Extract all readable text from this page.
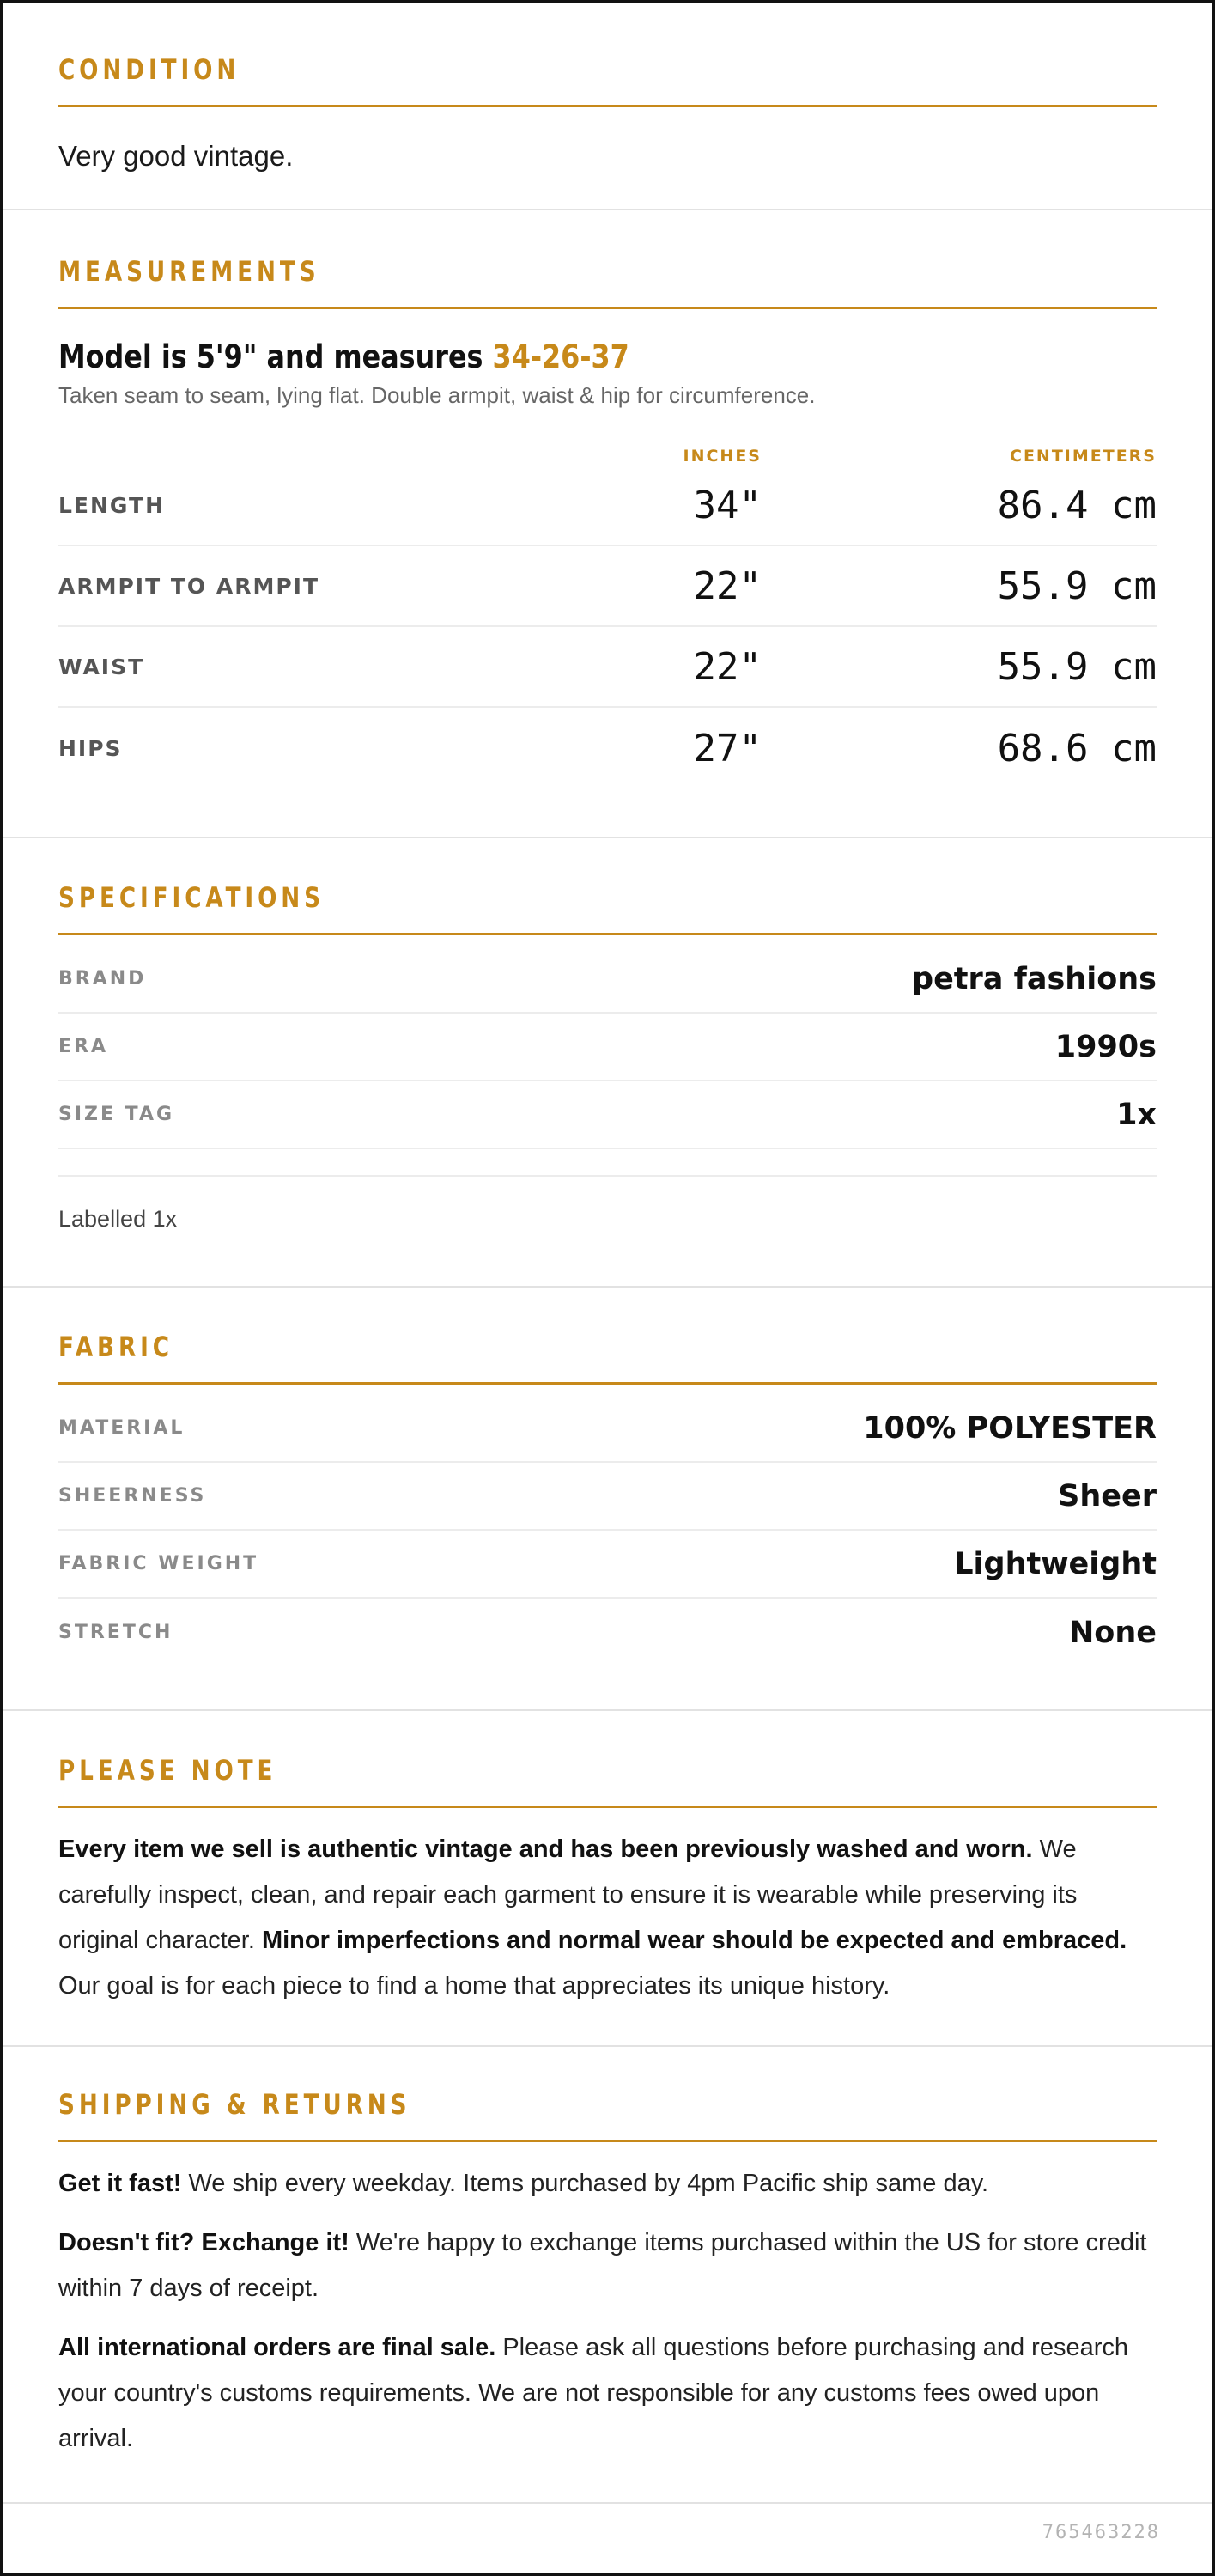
CONDITION
Very good vintage.
MEASUREMENTS
Model is 5'9" and measures 34-26-37
Taken seam to seam, lying flat. Double armpit, waist & hip for circumference.
INCHES	CENTIMETERS
LENGTH	34"	86.4 cm
ARMPIT TO ARMPIT	22"	55.9 cm
WAIST	22"	55.9 cm
HIPS	27"	68.6 cm
SPECIFICATIONS
BRAND	petra fashions
ERA	1990s
SIZE TAG	1x
Labelled 1x
FABRIC
MATERIAL	100% POLYESTER
SHEERNESS	Sheer
FABRIC WEIGHT	Lightweight
STRETCH	None
PLEASE NOTE

Every item we sell is authentic vintage and has been previously washed and worn. We carefully inspect, clean, and repair each garment to ensure it is wearable while preserving its original character. Minor imperfections and normal wear should be expected and embraced. Our goal is for each piece to find a home that appreciates its unique history.

SHIPPING & RETURNS

Get it fast! We ship every weekday. Items purchased by 4pm Pacific ship same day.

Doesn't fit? Exchange it! We're happy to exchange items purchased within the US for store credit within 7 days of receipt.

All international orders are final sale. Please ask all questions before purchasing and research your country's customs requirements. We are not responsible for any customs fees owed upon arrival.

765463228
